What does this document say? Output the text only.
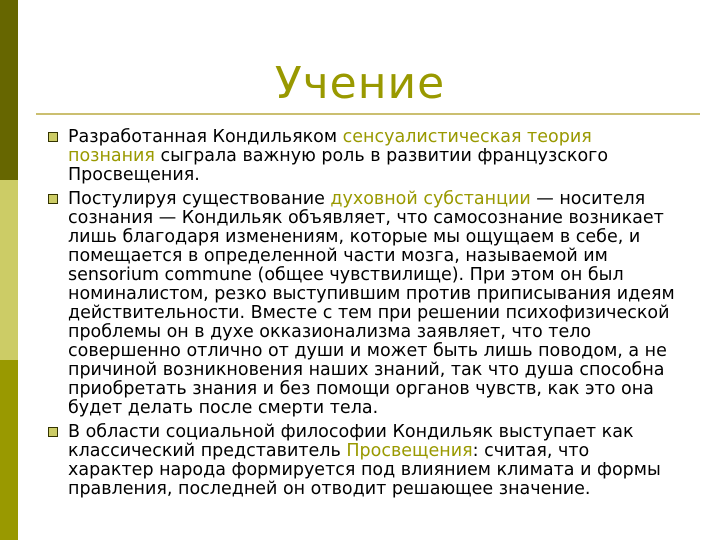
Учение
Разработанная Кондильяком сенсуалистическая теория познания сыграла важную роль в развитии французского Просвещения.
Постулируя существование духовной субстанции — носителя сознания — Кондильяк объявляет, что самосознание возникает лишь благодаря изменениям, которые мы ощущаем в себе, и помещается в определенной части мозга, называемой им sensorium commune (общее чувствилище). При этом он был номиналистом, резко выступившим против приписывания идеям действительности. Вместе с тем при решении психофизической проблемы он в духе окказионализма заявляет, что тело совершенно отлично от души и может быть лишь поводом, а не причиной возникновения наших знаний, так что душа способна приобретать знания и без помощи органов чувств, как это она будет делать после смерти тела.
В области социальной философии Кондильяк выступает как классический представитель Просвещения: считая, что характер народа формируется под влиянием климата и формы правления, последней он отводит решающее значение.
